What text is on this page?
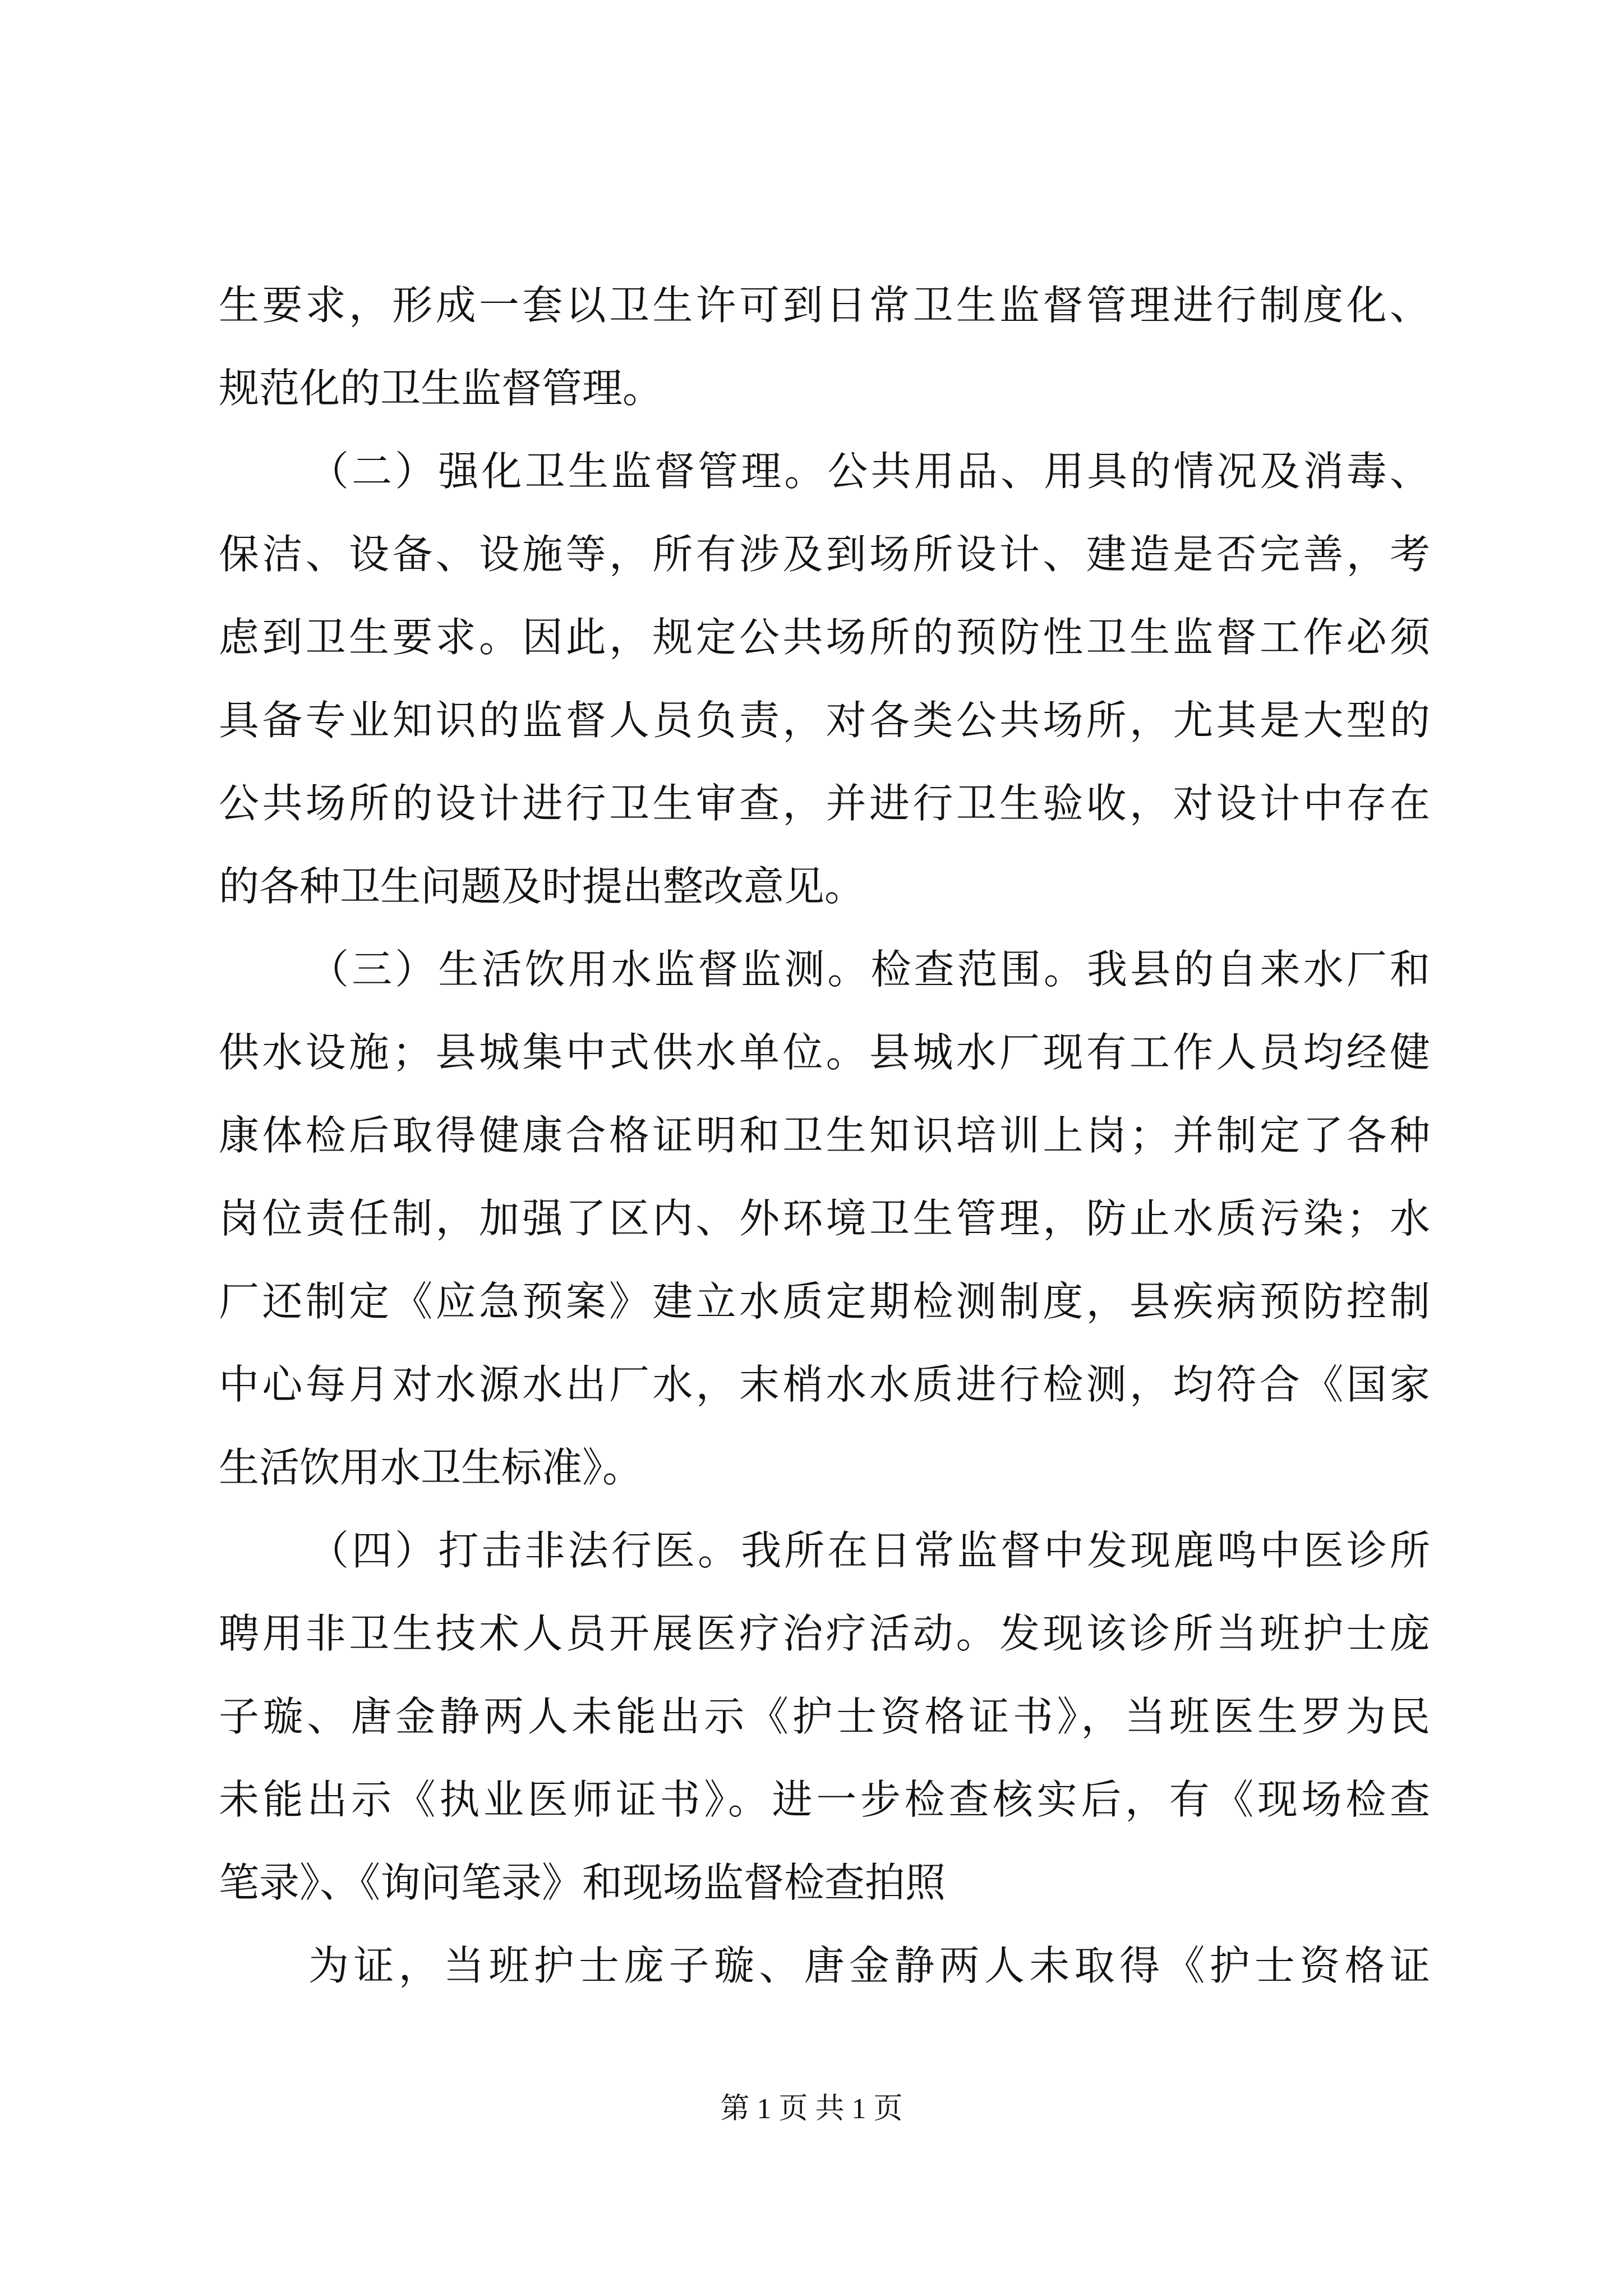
生要求，形成一套以卫生许可到日常卫生监督管理进行制度化、
规范化的卫生监督管理。
（二）强化卫生监督管理。公共用品、用具的情况及消毒、
保洁、设备、设施等，所有涉及到场所设计、建造是否完善，考
虑到卫生要求。因此，规定公共场所的预防性卫生监督工作必须
具备专业知识的监督人员负责，对各类公共场所，尤其是大型的
公共场所的设计进行卫生审查，并进行卫生验收，对设计中存在
的各种卫生问题及时提出整改意见。
（三）生活饮用水监督监测。检查范围。我县的自来水厂和
供水设施；县城集中式供水单位。县城水厂现有工作人员均经健
康体检后取得健康合格证明和卫生知识培训上岗；并制定了各种
岗位责任制，加强了区内、外环境卫生管理，防止水质污染；水
厂还制定《应急预案》建立水质定期检测制度，县疾病预防控制
中心每月对水源水出厂水，末梢水水质进行检测，均符合《国家
生活饮用水卫生标准》。
（四）打击非法行医。我所在日常监督中发现鹿鸣中医诊所
聘用非卫生技术人员开展医疗治疗活动。发现该诊所当班护士庞
子璇、唐金静两人未能出示《护士资格证书》，当班医生罗为民
未能出示《执业医师证书》。进一步检查核实后，有《现场检查
笔录》、《询问笔录》和现场监督检查拍照
为证，当班护士庞子璇、唐金静两人未取得《护士资格证
第 1 页 共 1 页
